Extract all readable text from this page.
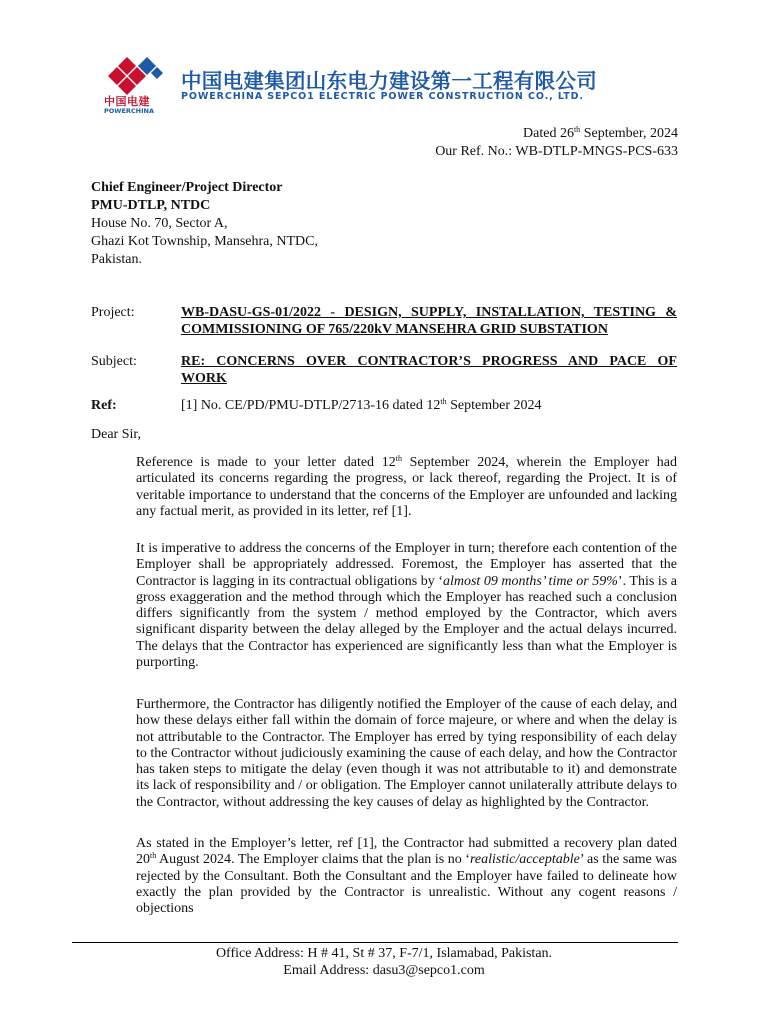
中国电建
POWERCHINA
中国电建集团山东电力建设第一工程有限公司
POWERCHINA SEPCO1 ELECTRIC POWER CONSTRUCTION CO., LTD.
Dated 26th September, 2024
Our Ref. No.: WB-DTLP-MNGS-PCS-633
Chief Engineer/Project Director
PMU-DTLP, NTDC
House No. 70, Sector A,
Ghazi Kot Township, Mansehra, NTDC,
Pakistan.
Project:	WB-DASU-GS-01/2022 - DESIGN, SUPPLY, INSTALLATION, TESTING &
COMMISSIONING OF 765/220kV MANSEHRA GRID SUBSTATION
Subject:	RE: CONCERNS OVER CONTRACTOR’S PROGRESS AND PACE OF
WORK
Ref:	[1] No. CE/PD/PMU-DTLP/2713-16 dated 12th September 2024
Dear Sir,
Reference is made to your letter dated 12th September 2024, wherein the Employer had articulated its concerns regarding the progress, or lack thereof, regarding the Project. It is of veritable importance to understand that the concerns of the Employer are unfounded and lacking any factual merit, as provided in its letter, ref [1].
It is imperative to address the concerns of the Employer in turn; therefore each contention of the Employer shall be appropriately addressed. Foremost, the Employer has asserted that the Contractor is lagging in its contractual obligations by ‘almost 09 months’ time or 59%’. This is a gross exaggeration and the method through which the Employer has reached such a conclusion differs significantly from the system / method employed by the Contractor, which avers significant disparity between the delay alleged by the Employer and the actual delays incurred. The delays that the Contractor has experienced are significantly less than what the Employer is purporting.
Furthermore, the Contractor has diligently notified the Employer of the cause of each delay, and how these delays either fall within the domain of force majeure, or where and when the delay is not attributable to the Contractor. The Employer has erred by tying responsibility of each delay to the Contractor without judiciously examining the cause of each delay, and how the Contractor has taken steps to mitigate the delay (even though it was not attributable to it) and demonstrate its lack of responsibility and / or obligation. The Employer cannot unilaterally attribute delays to the Contractor, without addressing the key causes of delay as highlighted by the Contractor.
As stated in the Employer’s letter, ref [1], the Contractor had submitted a recovery plan dated 20th August 2024. The Employer claims that the plan is no ‘realistic/acceptable’ as the same was rejected by the Consultant. Both the Consultant and the Employer have failed to delineate how exactly the plan provided by the Contractor is unrealistic. Without any cogent reasons / objections
Office Address: H # 41, St # 37, F-7/1, Islamabad, Pakistan.
Email Address: dasu3@sepco1.com
